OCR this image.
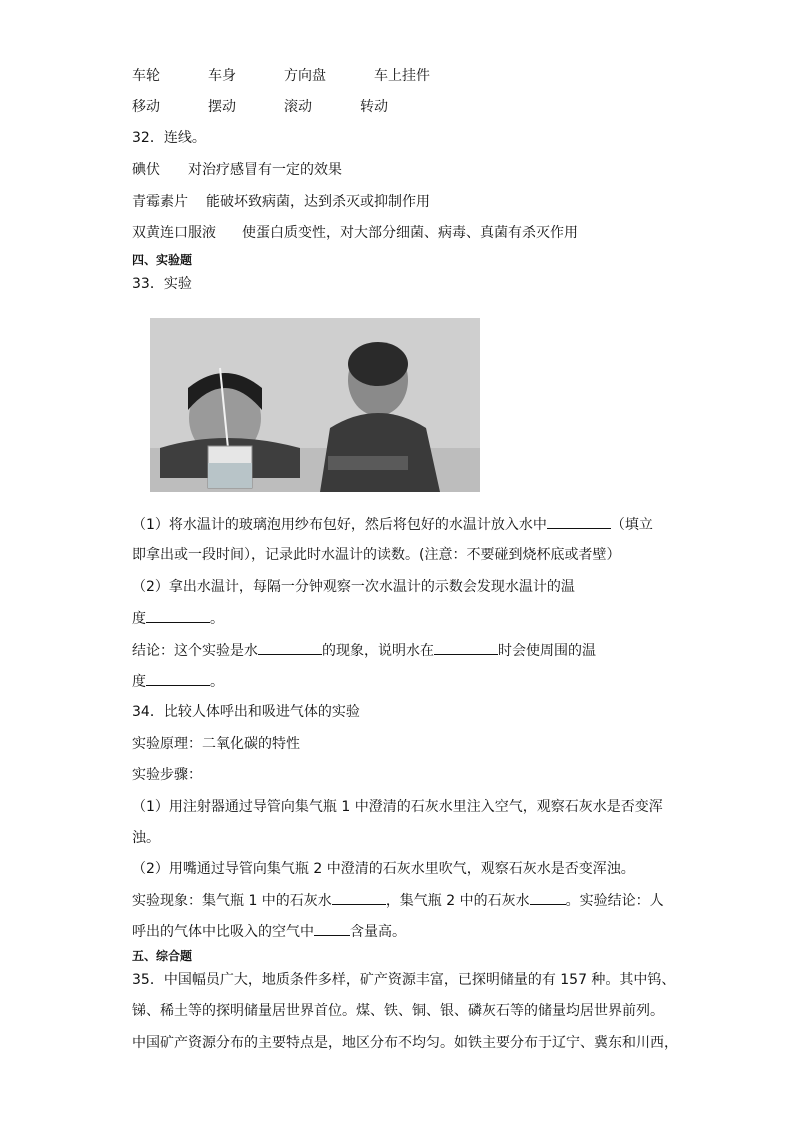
车轮	车身	方向盘	车上挂件
移动	摆动	滚动	转动
32．连线。
碘伏 对治疗感冒有一定的效果
青霉素片 能破坏致病菌，达到杀灭或抑制作用
双黄连口服液 使蛋白质变性，对大部分细菌、病毒、真菌有杀灭作用
四、实验题
33．实验
（1）将水温计的玻璃泡用纱布包好，然后将包好的水温计放入水中	（填立
即拿出或一段时间），记录此时水温计的读数。(注意：不要碰到烧杯底或者壁）
（2）拿出水温计，每隔一分钟观察一次水温计的示数会发现水温计的温
度	。
结论：这个实验是水	的现象，说明水在	时会使周围的温
度	。
34．比较人体呼出和吸进气体的实验
实验原理：二氧化碳的特性
实验步骤：
（1）用注射器通过导管向集气瓶 1 中澄清的石灰水里注入空气，观察石灰水是否变浑
浊。
（2）用嘴通过导管向集气瓶 2 中澄清的石灰水里吹气，观察石灰水是否变浑浊。
实验现象：集气瓶 1 中的石灰水	，集气瓶 2 中的石灰水	。实验结论：人
呼出的气体中比吸入的空气中	含量高。
五、综合题
35．中国幅员广大，地质条件多样，矿产资源丰富，已探明储量的有 157 种。其中钨、
锑、稀土等的探明储量居世界首位。煤、铁、铜、银、磷灰石等的储量均居世界前列。
中国矿产资源分布的主要特点是，地区分布不均匀。如铁主要分布于辽宁、冀东和川西，
